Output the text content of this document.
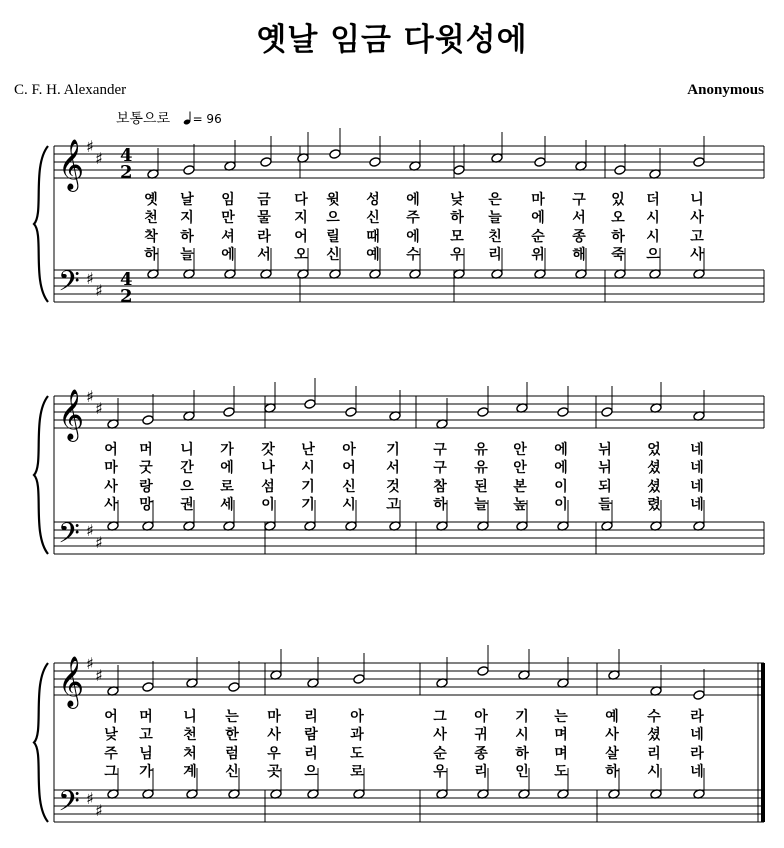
옛날 임금 다윗성에
C. F. H. Alexander	Anonymous
보통으로 = 96
𝄞
𝄢
♯
♯
♯
♯
4
2
4
2
옛 날 임 금 다 윗 성 에 낮 은 마 구 있 더 니
천 지 만 물 지 으 신 주 하 늘 에 서 오 시 사
착 하 셔 라 어 릴 때 에 모 친 순 종 하 시 고
하 늘 에 서 오 신 예 수 우 리 위 해 죽 으 사
𝄞
𝄢
♯
♯
♯
♯
어 머 니 가 갓 난 아 기 구 유 안 에 뉘	었 네
마 굿 간 에 나 시 어 서 구 유 안 에 뉘	셨 네
사 랑 으 로 섬 기 신 것 참 된 본 이 되	셨 네
사 망 권 세 이 기 시 고 하 늘 높 이 들	렸 네
𝄞
𝄢
♯
♯
♯
♯
어 머 니 는 마 리 아	그 아 기 는	예 수 라
낮 고 천 한 사 람 과	사 귀 시 며	사 셨 네
주 님 처 럼 우 리 도	순 종 하 며	살 리 라
그 가 계 신 곳 으 로	우 리 인 도	하 시 네
